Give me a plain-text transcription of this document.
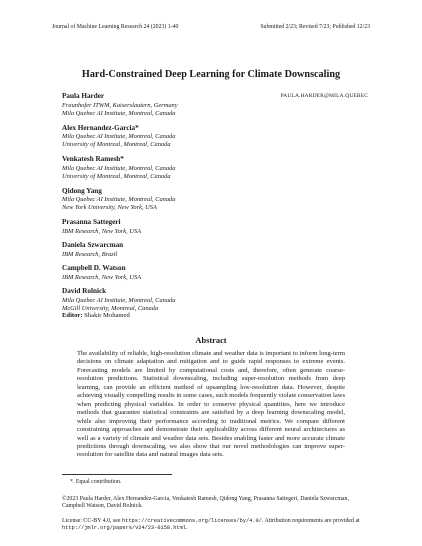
Journal of Machine Learning Research 24 (2023) 1-40	Submitted 2/23; Revised 7/23; Published 12/23
Hard-Constrained Deep Learning for Climate Downscaling
PAULA.HARDER@MILA.QUEBEC
Paula Harder
Fraunhofer ITWM, Kaiserslautern, Germany
Mila Quebec AI Institute, Montreal, Canada
Alex Hernandez-Garcia*
Mila Quebec AI Institute, Montreal, Canada
University of Montreal, Montreal, Canada
Venkatesh Ramesh*
Mila Quebec AI Institute, Montreal, Canada
University of Montreal, Montreal, Canada
Qidong Yang
Mila Quebec AI Institute, Montreal, Canada
New York University, New York, USA
Prasanna Sattegeri
IBM Research, New York, USA
Daniela Szwarcman
IBM Research, Brazil
Campbell D. Watson
IBM Research, New York, USA
David Rolnick
Mila Quebec AI Institute, Montreal, Canada
McGill University, Montreal, Canada
Editor: Shakir Mohamed
Abstract

The availability of reliable, high-resolution climate and weather data is important to inform long-term decisions on climate adaptation and mitigation and to guide rapid responses to extreme events. Forecasting models are limited by computational costs and, therefore, often generate coarse-resolution predictions. Statistical downscaling, including super-resolution methods from deep learning, can provide an efficient method of upsampling low-resolution data. However, despite achieving visually compelling results in some cases, such models frequently violate conservation laws when predicting physical variables. In order to conserve physical quantities, here we introduce methods that guarantee statistical constraints are satisfied by a deep learning downscaling model, while also improving their performance according to traditional metrics. We compare different constraining approaches and demonstrate their applicability across different neural architectures as well as a variety of climate and weather data sets. Besides enabling faster and more accurate climate predictions through downscaling, we also show that our novel methodologies can improve super-resolution for satellite data and natural images data sets.

*. Equal contribution.
©2023 Paula Harder, Alex Hernandez-Garcia, Venkatesh Ramesh, Qidong Yang, Prasanna Sattegeri, Daniela Szwarcman, Campbell Watson, David Rolnick.
License: CC-BY 4.0, see https://creativecommons.org/licenses/by/4.0/. Attribution requirements are provided at http://jmlr.org/papers/v24/23-0158.html.
